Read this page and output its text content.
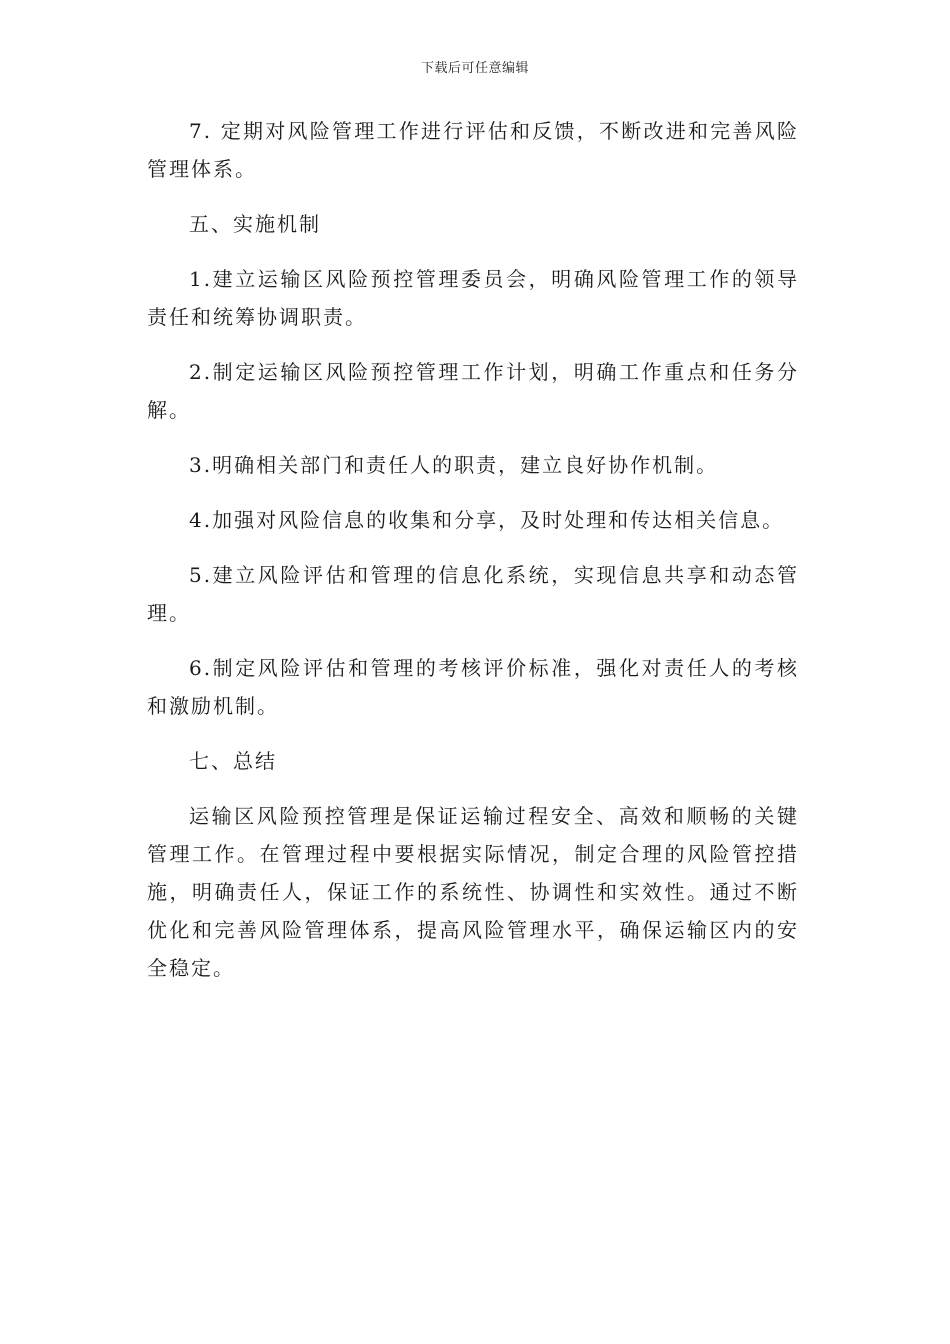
下载后可任意编辑

7. 定期对风险管理工作进行评估和反馈，不断改进和完善风险管理体系。

五、实施机制

1.建立运输区风险预控管理委员会，明确风险管理工作的领导责任和统筹协调职责。

2.制定运输区风险预控管理工作计划，明确工作重点和任务分解。

3.明确相关部门和责任人的职责，建立良好协作机制。

4.加强对风险信息的收集和分享，及时处理和传达相关信息。

5.建立风险评估和管理的信息化系统，实现信息共享和动态管理。

6.制定风险评估和管理的考核评价标准，强化对责任人的考核和激励机制。

七、总结

运输区风险预控管理是保证运输过程安全、高效和顺畅的关键管理工作。在管理过程中要根据实际情况，制定合理的风险管控措施，明确责任人，保证工作的系统性、协调性和实效性。通过不断优化和完善风险管理体系，提高风险管理水平，确保运输区内的安全稳定。
